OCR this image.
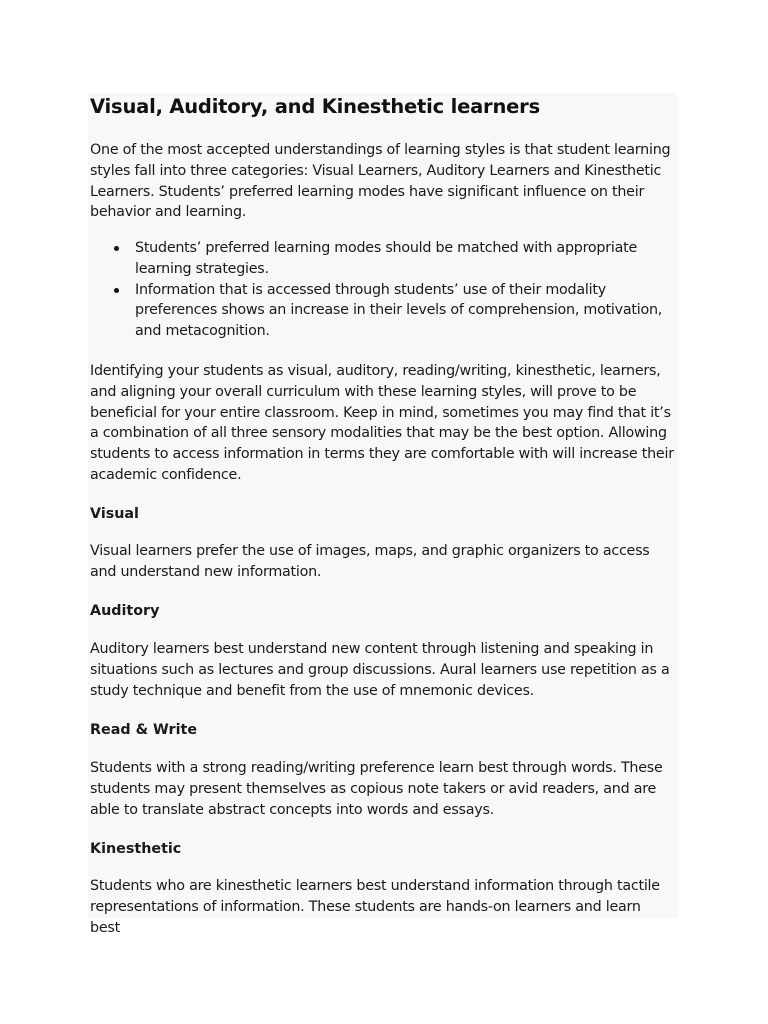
Visual, Auditory, and Kinesthetic learners

One of the most accepted understandings of learning styles is that student learning styles fall into three categories: Visual Learners, Auditory Learners and Kinesthetic Learners. Students’ preferred learning modes have significant influence on their behavior and learning.

Students’ preferred learning modes should be matched with appropriate learning strategies.
Information that is accessed through students’ use of their modality preferences shows an increase in their levels of comprehension, motivation, and metacognition.

Identifying your students as visual, auditory, reading/writing, kinesthetic, learners, and aligning your overall curriculum with these learning styles, will prove to be beneficial for your entire classroom. Keep in mind, sometimes you may find that it’s a combination of all three sensory modalities that may be the best option. Allowing students to access information in terms they are comfortable with will increase their academic confidence.

Visual

Visual learners prefer the use of images, maps, and graphic organizers to access and understand new information.

Auditory

Auditory learners best understand new content through listening and speaking in situations such as lectures and group discussions. Aural learners use repetition as a study technique and benefit from the use of mnemonic devices.

Read & Write

Students with a strong reading/writing preference learn best through words. These students may present themselves as copious note takers or avid readers, and are able to translate abstract concepts into words and essays.

Kinesthetic

Students who are kinesthetic learners best understand information through tactile representations of information. These students are hands-on learners and learn best
